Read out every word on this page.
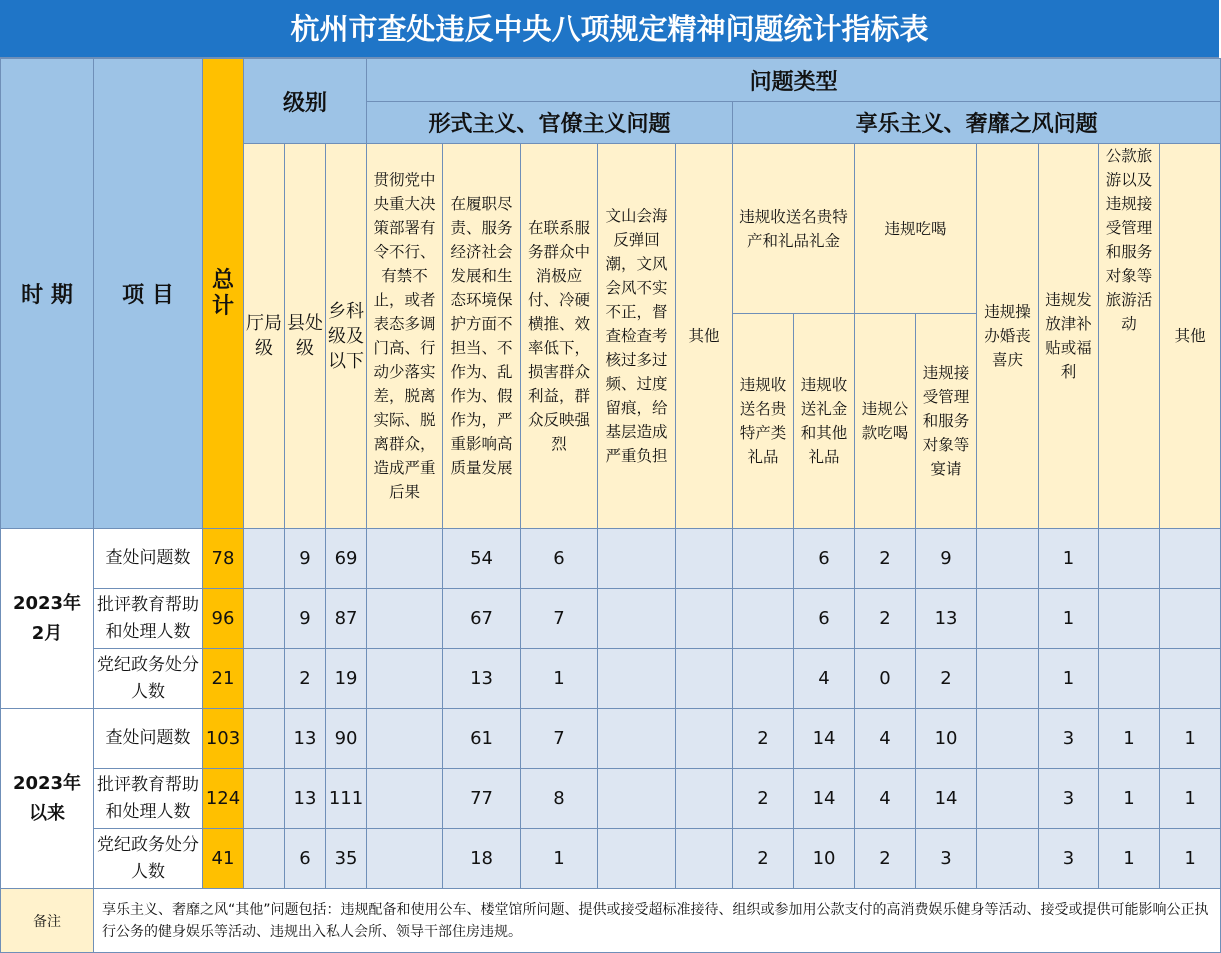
杭州市查处违反中央八项规定精神问题统计指标表
时 期	项 目	总计	级别			问题类型												
						形式主义、官僚主义问题					享乐主义、奢靡之风问题							

			厅局级	县处级	乡科级及以下	贯彻党中央重大决策部署有令不行、有禁不止，或者表态多调门高、行动少落实差，脱离实际、脱离群众，造成严重后果	在履职尽责、服务经济社会发展和生态环境保护方面不担当、不作为、乱作为、假作为，严重影响高质量发展	在联系服务群众中消极应付、冷硬横推、效率低下，损害群众利益，群众反映强烈	文山会海反弹回潮，文风会风不实不正，督查检查考核过多过频、过度留痕，给基层造成严重负担	其他	违规收送名贵特产和礼品礼金		违规吃喝		违规操办婚丧喜庆	违规发放津补贴或福利	公款旅游以及违规接受管理和服务对象等旅游活动	其他

											违规收送名贵特产类礼品	违规收送礼金和其他礼品	违规公款吃喝	违规接受管理和服务对象等宴请				

2023年
2月	查处问题数	78		9	69		54	6				6	2	9		1		
	批评教育帮助和处理人数	96		9	87		67	7				6	2	13		1		
	党纪政务处分人数	21		2	19		13	1				4	0	2		1		
2023年
以来	查处问题数	103		13	90		61	7			2	14	4	10		3	1	1
	批评教育帮助和处理人数	124		13	111		77	8			2	14	4	14		3	1	1
	党纪政务处分人数	41		6	35		18	1			2	10	2	3		3	1	1
备注	享乐主义、奢靡之风“其他”问题包括：违规配备和使用公车、楼堂馆所问题、提供或接受超标准接待、组织或参加用公款支付的高消费娱乐健身等活动、接受或提供可能影响公正执行公务的健身娱乐等活动、违规出入私人会所、领导干部住房违规。																	
